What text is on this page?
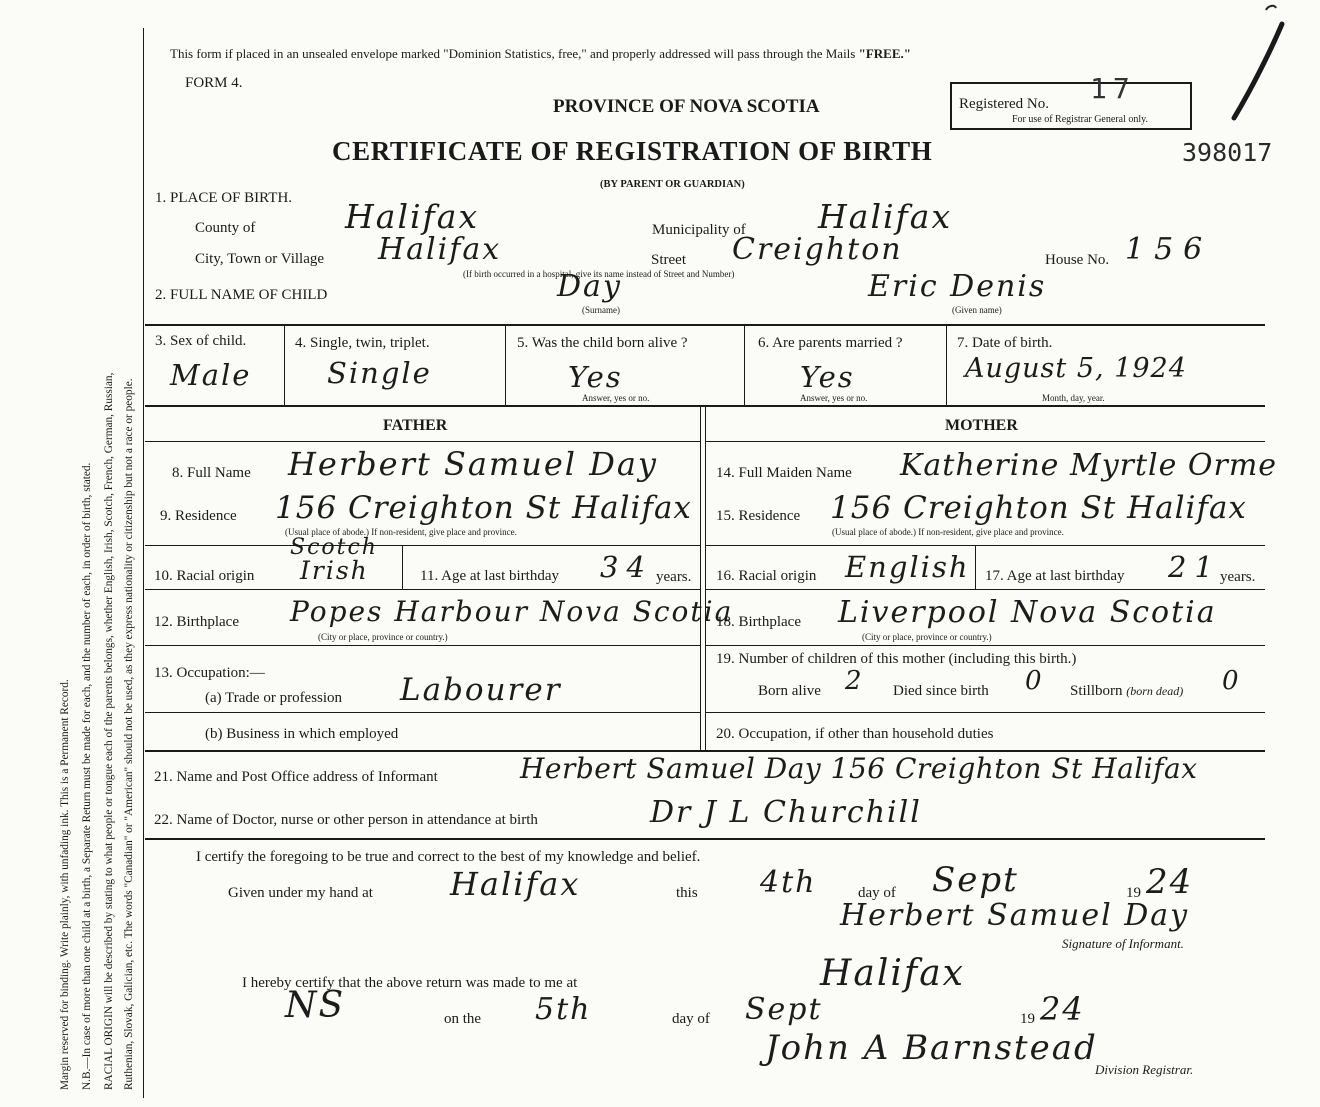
Margin reserved for binding. Write plainly, with unfading ink. This is a Permanent Record. N.B.—In case of more than one child at a birth, a Separate Return must be made for each, and the number of each, in order of birth, stated. RACIAL ORIGIN will be described by stating to what people or tongue each of the parents belongs, whether English, Irish, Scotch, French, German, Russian, Ruthenian, Slovak, Galician, etc. The words "Canadian" or "American" should not be used, as they express nationality or citizenship but not a race or people.
This form if placed in an unsealed envelope marked "Dominion Statistics, free," and properly addressed will pass through the Mails "FREE."
FORM 4.
PROVINCE OF NOVA SCOTIA	Registered No.
For use of Registrar General only.
17
CERTIFICATE OF REGISTRATION OF BIRTH	398017
(BY PARENT OR GUARDIAN)
1. PLACE OF BIRTH.
County of	Halifax	Municipality of Halifax
City, Town or Village Halifax	Street Creighton
(If birth occurred in a hospital, give its name instead of Street and Number)
House No. 156
2. FULL NAME OF CHILD	Day
(Surname)
Eric Denis
(Given name)
3. Sex of child.
Male
4. Single, twin, triplet.
Single
5. Was the child born alive ?
Yes
Answer, yes or no.
6. Are parents married ?
Yes
Answer, yes or no.
7. Date of birth.
August 5, 1924
Month, day, year.
FATHER
8. Full Name Herbert Samuel Day
9. Residence 156 Creighton St Halifax
(Usual place of abode.) If non-resident, give place and province.
10. Racial origin
Scotch
Irish	11. Age at last birthday 34 years.
12. Birthplace Popes Harbour Nova Scotia
(City or place, province or country.)
13. Occupation:—
(a) Trade or profession Labourer
(b) Business in which employed
MOTHER
14. Full Maiden Name Katherine Myrtle Orme
15. Residence 156 Creighton St Halifax
(Usual place of abode.) If non-resident, give place and province.
16. Racial origin English 17. Age at last birthday 21 years.
18. Birthplace Liverpool Nova Scotia
(City or place, province or country.)
19. Number of children of this mother (including this birth.)
Born alive 2 Died since birth 0 Stillborn (born dead) 0
20. Occupation, if other than household duties
21. Name and Post Office address of Informant	Herbert Samuel Day 156 Creighton St Halifax
22. Name of Doctor, nurse or other person in attendance at birth	Dr J L Churchill
I certify the foregoing to be true and correct to the best of my knowledge and belief.
Given under my hand at Halifax	this 4th	day of Sept	19 24
Herbert Samuel Day
Signature of Informant.
I hereby certify that the above return was made to me at	Halifax
NS	on the 5th	day of Sept	19 24
John A Barnstead
Division Registrar.
